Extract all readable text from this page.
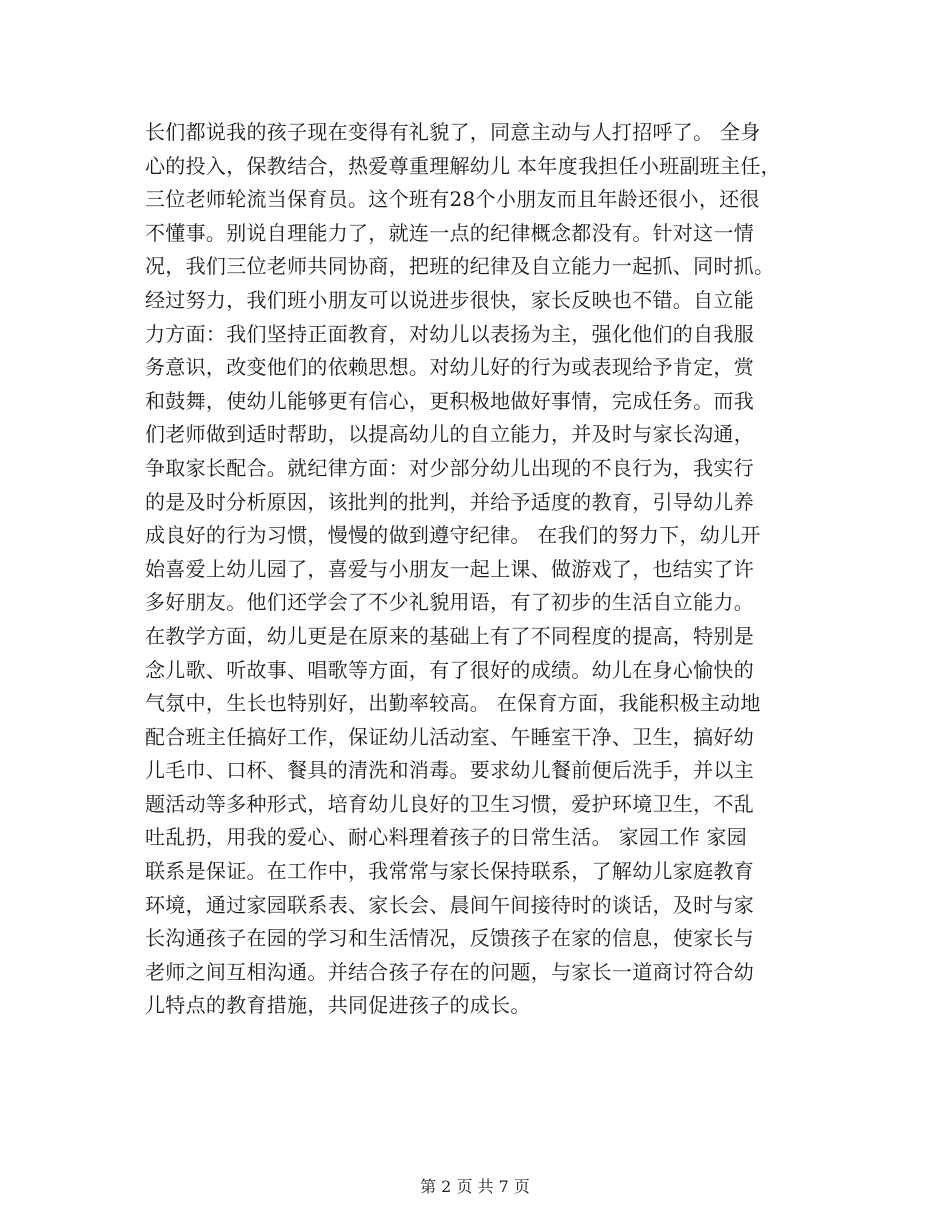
长们都说我的孩子现在变得有礼貌了，同意主动与人打招呼了。 全身
心的投入，保教结合，热爱尊重理解幼儿 本年度我担任小班副班主任，
三位老师轮流当保育员。这个班有28个小朋友而且年龄还很小，还很
不懂事。别说自理能力了，就连一点的纪律概念都没有。针对这一情
况，我们三位老师共同协商，把班的纪律及自立能力一起抓、同时抓。
经过努力，我们班小朋友可以说进步很快，家长反映也不错。自立能
力方面：我们坚持正面教育，对幼儿以表扬为主，强化他们的自我服
务意识，改变他们的依赖思想。对幼儿好的行为或表现给予肯定，赏
和鼓舞，使幼儿能够更有信心，更积极地做好事情，完成任务。而我
们老师做到适时帮助，以提高幼儿的自立能力，并及时与家长沟通，
争取家长配合。就纪律方面：对少部分幼儿出现的不良行为，我实行
的是及时分析原因，该批判的批判，并给予适度的教育，引导幼儿养
成良好的行为习惯，慢慢的做到遵守纪律。 在我们的努力下，幼儿开
始喜爱上幼儿园了，喜爱与小朋友一起上课、做游戏了，也结实了许
多好朋友。他们还学会了不少礼貌用语，有了初步的生活自立能力。
在教学方面，幼儿更是在原来的基础上有了不同程度的提高，特别是
念儿歌、听故事、唱歌等方面，有了很好的成绩。幼儿在身心愉快的
气氛中，生长也特别好，出勤率较高。 在保育方面，我能积极主动地
配合班主任搞好工作，保证幼儿活动室、午睡室干净、卫生，搞好幼
儿毛巾、口杯、餐具的清洗和消毒。要求幼儿餐前便后洗手，并以主
题活动等多种形式，培育幼儿良好的卫生习惯，爱护环境卫生，不乱
吐乱扔，用我的爱心、耐心料理着孩子的日常生活。 家园工作 家园
联系是保证。在工作中，我常常与家长保持联系，了解幼儿家庭教育
环境，通过家园联系表、家长会、晨间午间接待时的谈话，及时与家
长沟通孩子在园的学习和生活情况，反馈孩子在家的信息，使家长与
老师之间互相沟通。并结合孩子存在的问题，与家长一道商讨符合幼
儿特点的教育措施，共同促进孩子的成长。
第 2 页 共 7 页
